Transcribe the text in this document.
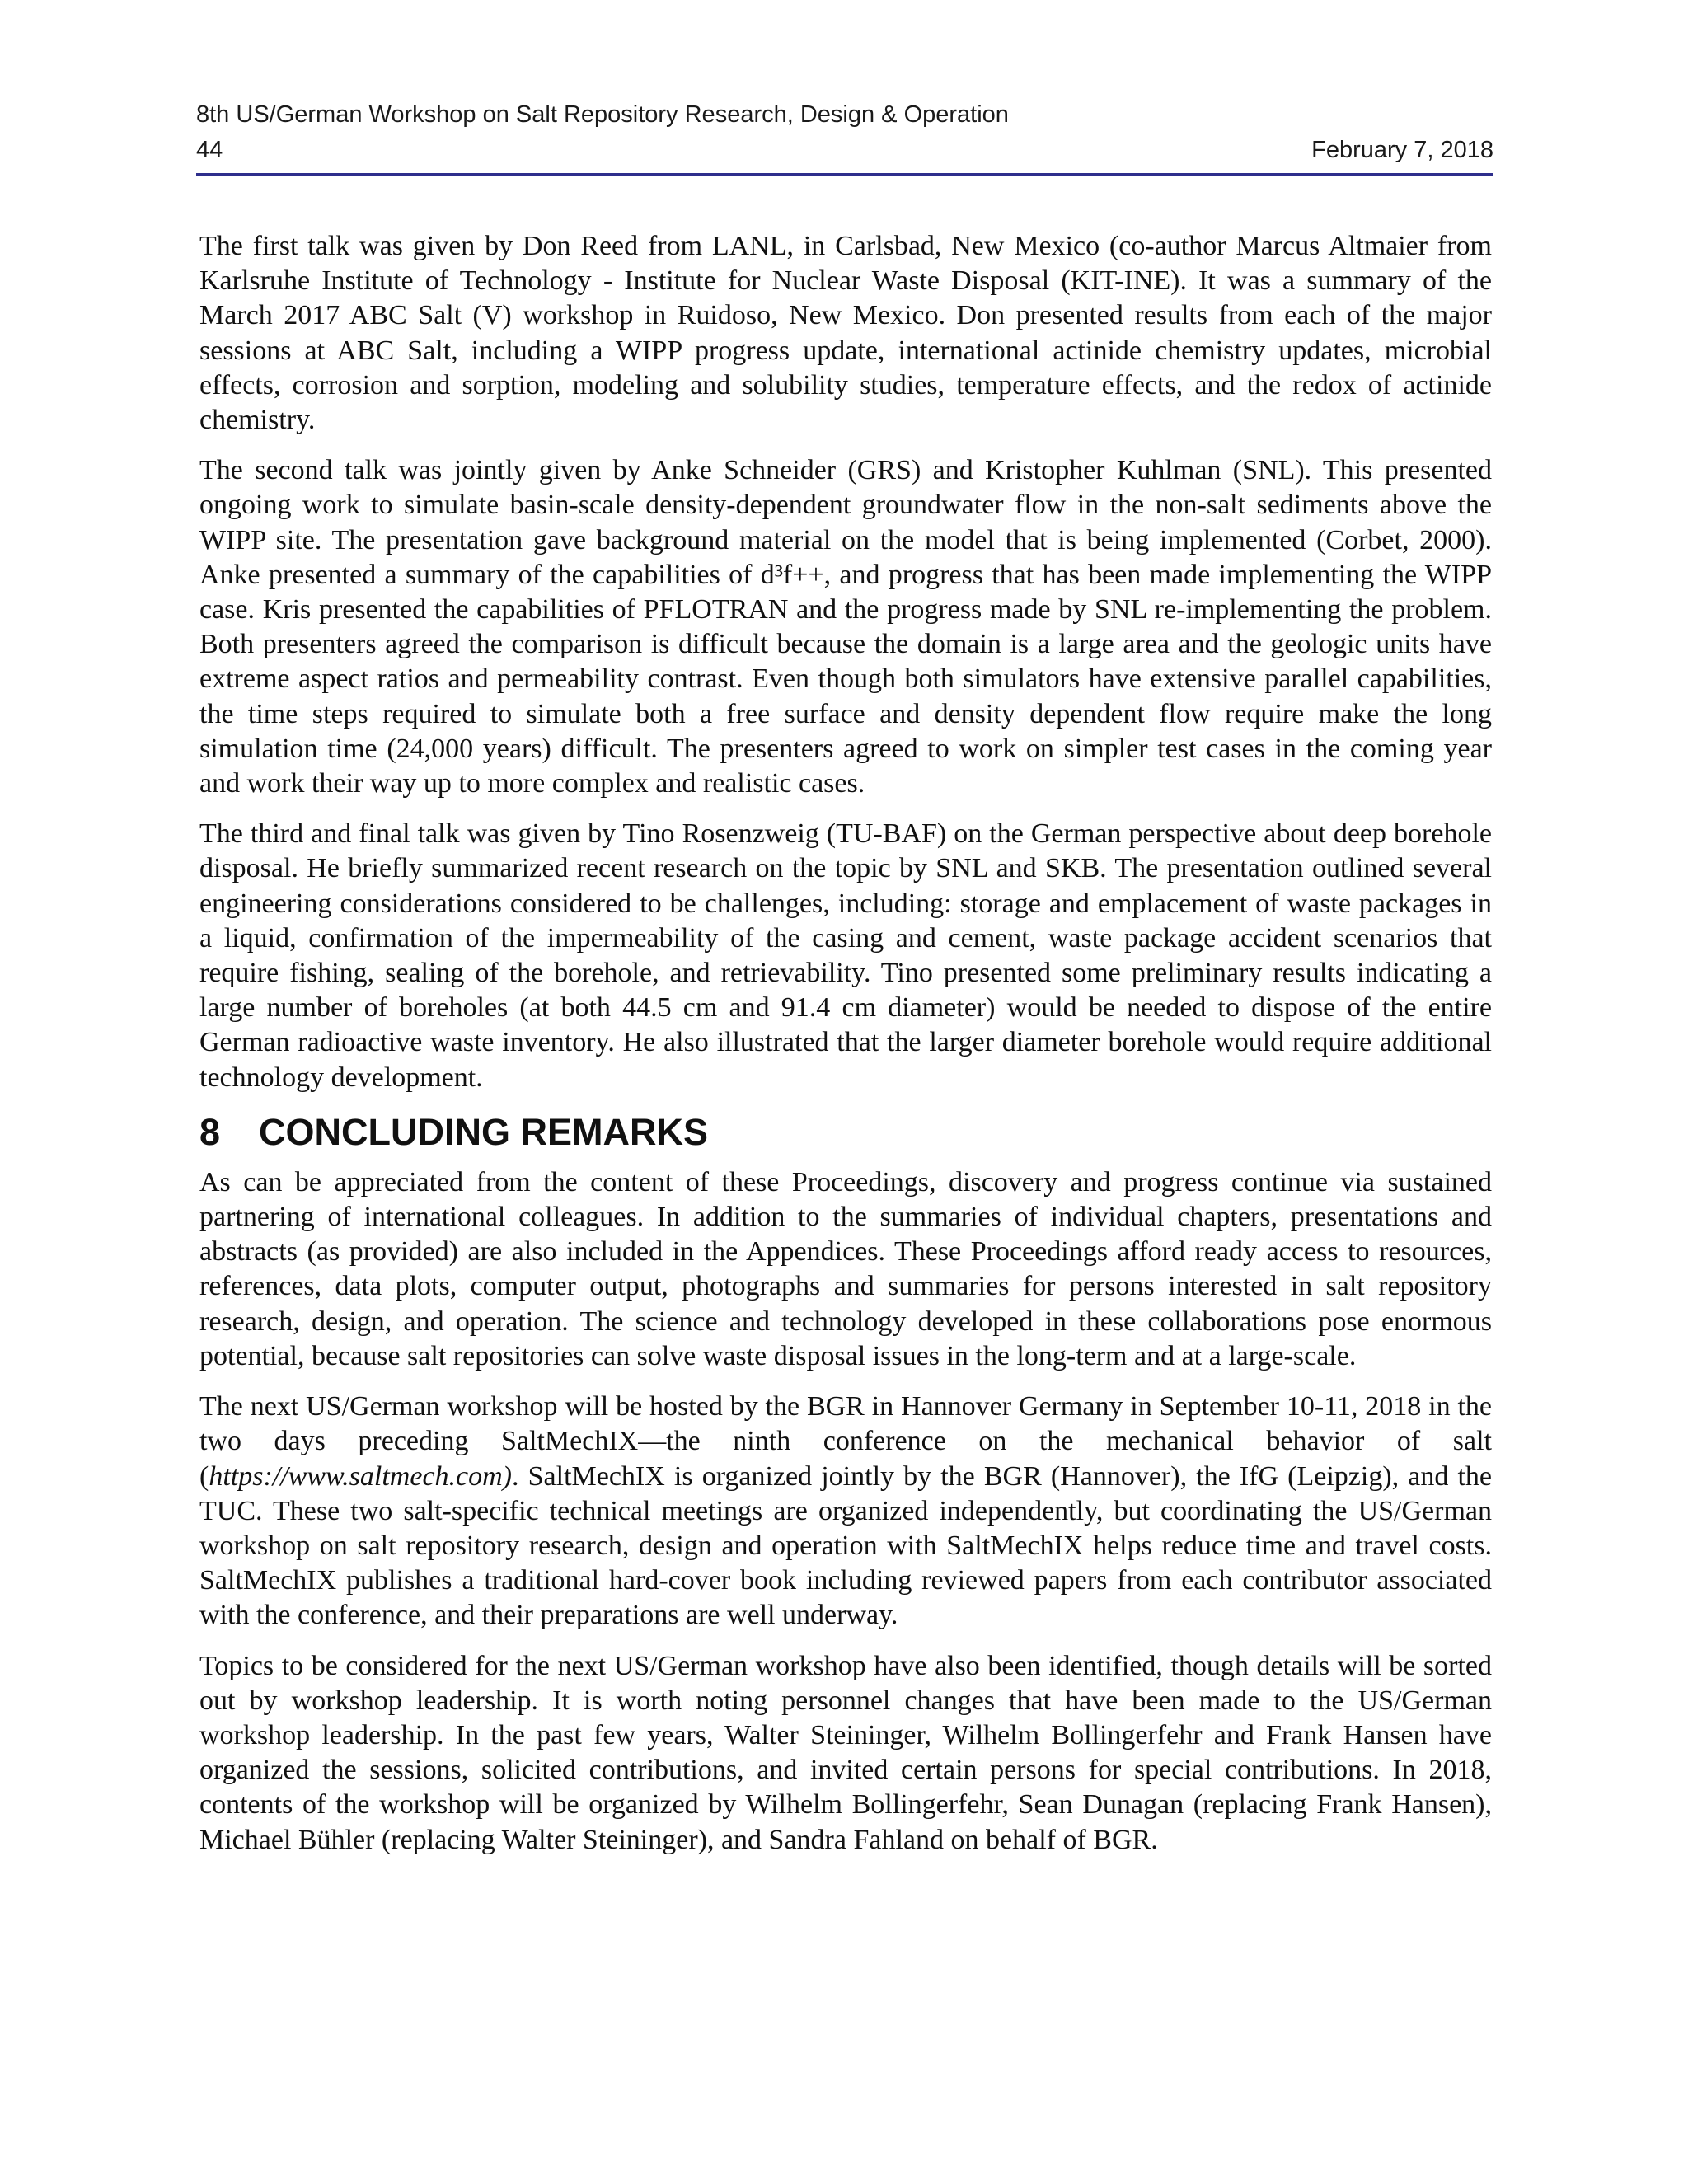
8th US/German Workshop on Salt Repository Research, Design & Operation
44	February 7, 2018

The first talk was given by Don Reed from LANL, in Carlsbad, New Mexico (co-author Marcus Altmaier from Karlsruhe Institute of Technology - Institute for Nuclear Waste Disposal (KIT-INE). It was a summary of the March 2017 ABC Salt (V) workshop in Ruidoso, New Mexico. Don presented results from each of the major sessions at ABC Salt, including a WIPP progress update, international actinide chemistry updates, microbial effects, corrosion and sorption, modeling and solubility studies, temperature effects, and the redox of actinide chemistry.

The second talk was jointly given by Anke Schneider (GRS) and Kristopher Kuhlman (SNL). This presented ongoing work to simulate basin-scale density-dependent groundwater flow in the non-salt sediments above the WIPP site. The presentation gave background material on the model that is being implemented (Corbet, 2000). Anke presented a summary of the capabilities of d³f++, and progress that has been made implementing the WIPP case. Kris presented the capabilities of PFLOTRAN and the progress made by SNL re-implementing the problem. Both presenters agreed the comparison is difficult because the domain is a large area and the geologic units have extreme aspect ratios and permeability contrast. Even though both simulators have extensive parallel capabilities, the time steps required to simulate both a free surface and density dependent flow require make the long simulation time (24,000 years) difficult. The presenters agreed to work on simpler test cases in the coming year and work their way up to more complex and realistic cases.

The third and final talk was given by Tino Rosenzweig (TU-BAF) on the German perspective about deep borehole disposal. He briefly summarized recent research on the topic by SNL and SKB. The presentation outlined several engineering considerations considered to be challenges, including: storage and emplacement of waste packages in a liquid, confirmation of the impermeability of the casing and cement, waste package accident scenarios that require fishing, sealing of the borehole, and retrievability. Tino presented some preliminary results indicating a large number of boreholes (at both 44.5 cm and 91.4 cm diameter) would be needed to dispose of the entire German radioactive waste inventory. He also illustrated that the larger diameter borehole would require additional technology development.

8 CONCLUDING REMARKS

As can be appreciated from the content of these Proceedings, discovery and progress continue via sustained partnering of international colleagues. In addition to the summaries of individual chapters, presentations and abstracts (as provided) are also included in the Appendices. These Proceedings afford ready access to resources, references, data plots, computer output, photographs and summaries for persons interested in salt repository research, design, and operation. The science and technology developed in these collaborations pose enormous potential, because salt repositories can solve waste disposal issues in the long-term and at a large-scale.

The next US/German workshop will be hosted by the BGR in Hannover Germany in September 10-11, 2018 in the two days preceding SaltMechIX—the ninth conference on the mechanical behavior of salt (https://www.saltmech.com). SaltMechIX is organized jointly by the BGR (Hannover), the IfG (Leipzig), and the TUC. These two salt-specific technical meetings are organized independently, but coordinating the US/German workshop on salt repository research, design and operation with SaltMechIX helps reduce time and travel costs. SaltMechIX publishes a traditional hard-cover book including reviewed papers from each contributor associated with the conference, and their preparations are well underway.

Topics to be considered for the next US/German workshop have also been identified, though details will be sorted out by workshop leadership. It is worth noting personnel changes that have been made to the US/German workshop leadership. In the past few years, Walter Steininger, Wilhelm Bollingerfehr and Frank Hansen have organized the sessions, solicited contributions, and invited certain persons for special contributions. In 2018, contents of the workshop will be organized by Wilhelm Bollingerfehr, Sean Dunagan (replacing Frank Hansen), Michael Bühler (replacing Walter Steininger), and Sandra Fahland on behalf of BGR.
